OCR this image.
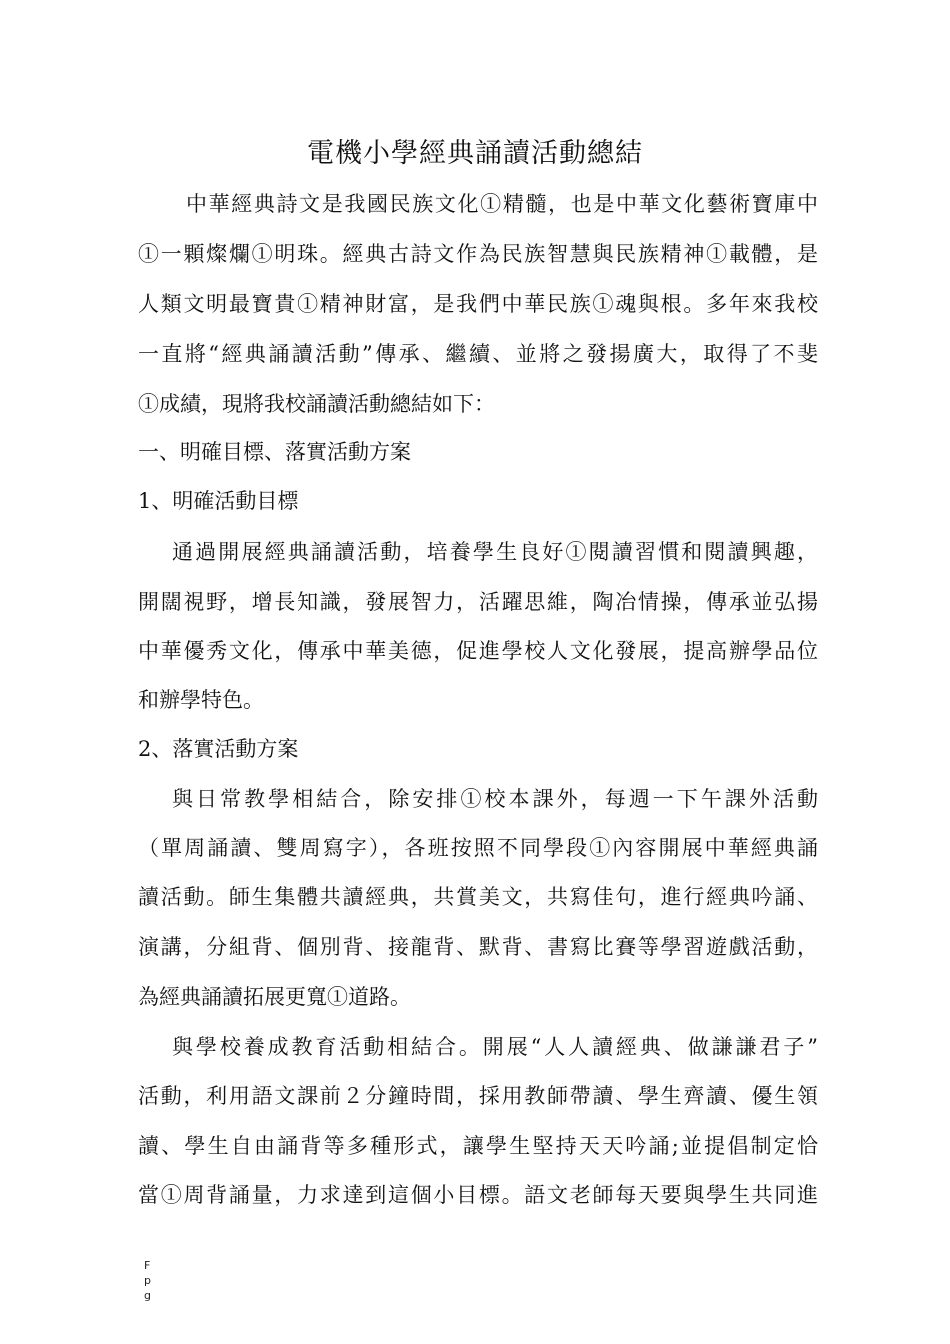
電機小學經典誦讀活動總結
中華經典詩文是我國民族文化①精髓，也是中華文化藝術寶庫中
①一顆燦爛①明珠。經典古詩文作為民族智慧與民族精神①載體，是
人類文明最寶貴①精神財富，是我們中華民族①魂與根。多年來我校
一直將“經典誦讀活動”傳承、繼續、並將之發揚廣大，取得了不斐
①成績，現將我校誦讀活動總結如下：
一、明確目標、落實活動方案
1、明確活動目標
通過開展經典誦讀活動，培養學生良好①閱讀習慣和閱讀興趣，
開闊視野，增長知識，發展智力，活躍思維，陶冶情操，傳承並弘揚
中華優秀文化，傳承中華美德，促進學校人文化發展，提高辦學品位
和辦學特色。
2、落實活動方案
與日常教學相結合，除安排①校本課外，每週一下午課外活動
（單周誦讀、雙周寫字），各班按照不同學段①內容開展中華經典誦
讀活動。師生集體共讀經典，共賞美文，共寫佳句，進行經典吟誦、
演講，分組背、個別背、接龍背、默背、書寫比賽等學習遊戲活動，
為經典誦讀拓展更寬①道路。
與學校養成教育活動相結合。開展“人人讀經典、做謙謙君子”
活動，利用語文課前２分鐘時間，採用教師帶讀、學生齊讀、優生領
讀、學生自由誦背等多種形式，讓學生堅持天天吟誦;並提倡制定恰
當①周背誦量，力求達到這個小目標。語文老師每天要與學生共同進
F
p
g
